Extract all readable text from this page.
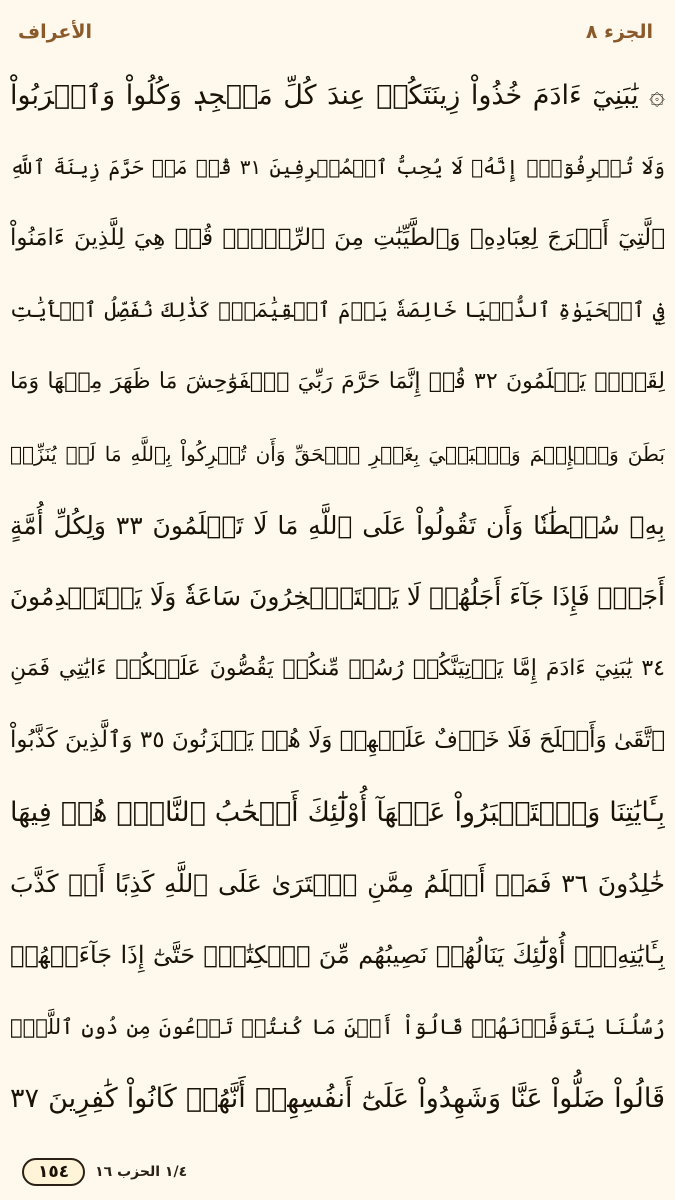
الأعراف	الجزء ٨
۞ يَٰبَنِيٓ ءَادَمَ خُذُواْ زِينَتَكُمۡ عِندَ كُلِّ مَسۡجِدٖ وَكُلُواْ وَٱشۡرَبُواْ
وَلَا تُسۡرِفُوٓاْۚ إِنَّهُۥ لَا يُحِبُّ ٱلۡمُسۡرِفِينَ ٣١ قُلۡ مَنۡ حَرَّمَ زِينَةَ ٱللَّهِ
ٱلَّتِيٓ أَخۡرَجَ لِعِبَادِهِۦ وَٱلطَّيِّبَٰتِ مِنَ ٱلرِّزۡقِۚ قُلۡ هِيَ لِلَّذِينَ ءَامَنُواْ
فِي ٱلۡحَيَوٰةِ ٱلدُّنۡيَا خَالِصَةٗ يَوۡمَ ٱلۡقِيَٰمَةِۗ كَذَٰلِكَ نُفَصِّلُ ٱلۡأٓيَٰتِ
لِقَوۡمٖ يَعۡلَمُونَ ٣٢ قُلۡ إِنَّمَا حَرَّمَ رَبِّيَ ٱلۡفَوَٰحِشَ مَا ظَهَرَ مِنۡهَا وَمَا
بَطَنَ وَٱلۡإِثۡمَ وَٱلۡبَغۡيَ بِغَيۡرِ ٱلۡحَقِّ وَأَن تُشۡرِكُواْ بِٱللَّهِ مَا لَمۡ يُنَزِّلۡ
بِهِۦ سُلۡطَٰنٗا وَأَن تَقُولُواْ عَلَى ٱللَّهِ مَا لَا تَعۡلَمُونَ ٣٣ وَلِكُلِّ أُمَّةٍ
أَجَلٞۖ فَإِذَا جَآءَ أَجَلُهُمۡ لَا يَسۡتَـٔۡخِرُونَ سَاعَةٗ وَلَا يَسۡتَقۡدِمُونَ
٣٤ يَٰبَنِيٓ ءَادَمَ إِمَّا يَأۡتِيَنَّكُمۡ رُسُلٞ مِّنكُمۡ يَقُصُّونَ عَلَيۡكُمۡ ءَايَٰتِي فَمَنِ
ٱتَّقَىٰ وَأَصۡلَحَ فَلَا خَوۡفٌ عَلَيۡهِمۡ وَلَا هُمۡ يَحۡزَنُونَ ٣٥ وَٱلَّذِينَ كَذَّبُواْ
بِـَٔايَٰتِنَا وَٱسۡتَكۡبَرُواْ عَنۡهَآ أُوْلَٰٓئِكَ أَصۡحَٰبُ ٱلنَّارِۖ هُمۡ فِيهَا
خَٰلِدُونَ ٣٦ فَمَنۡ أَظۡلَمُ مِمَّنِ ٱفۡتَرَىٰ عَلَى ٱللَّهِ كَذِبًا أَوۡ كَذَّبَ
بِـَٔايَٰتِهِۦٓۚ أُوْلَٰٓئِكَ يَنَالُهُمۡ نَصِيبُهُم مِّنَ ٱلۡكِتَٰبِۖ حَتَّىٰٓ إِذَا جَآءَتۡهُمۡ
رُسُلُنَا يَتَوَفَّوۡنَهُمۡ قَالُوٓاْ أَيۡنَ مَا كُنتُمۡ تَدۡعُونَ مِن دُونِ ٱللَّهِۖ
قَالُواْ ضَلُّواْ عَنَّا وَشَهِدُواْ عَلَىٰٓ أَنفُسِهِمۡ أَنَّهُمۡ كَانُواْ كَٰفِرِينَ ٣٧
١٥٤	١/٤ الحزب ١٦
